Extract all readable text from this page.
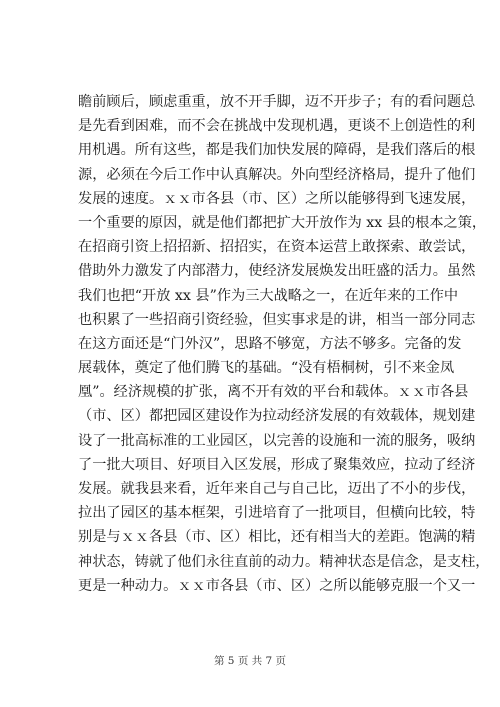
瞻前顾后，顾虑重重，放不开手脚，迈不开步子；有的看问题总
是先看到困难，而不会在挑战中发现机遇，更谈不上创造性的利
用机遇。所有这些，都是我们加快发展的障碍，是我们落后的根
源，必须在今后工作中认真解决。外向型经济格局，提升了他们
发展的速度。ｘｘ市各县（市、区）之所以能够得到飞速发展，
一个重要的原因，就是他们都把扩大开放作为 xx 县的根本之策，
在招商引资上招招新、招招实，在资本运营上敢探索、敢尝试，
借助外力激发了内部潜力，使经济发展焕发出旺盛的活力。虽然
我们也把“开放 xx 县”作为三大战略之一，在近年来的工作中
也积累了一些招商引资经验，但实事求是的讲，相当一部分同志
在这方面还是“门外汉”，思路不够宽，方法不够多。完备的发
展载体，奠定了他们腾飞的基础。“没有梧桐树，引不来金凤
凰”。经济规模的扩张，离不开有效的平台和载体。ｘｘ市各县
（市、区）都把园区建设作为拉动经济发展的有效载体，规划建
设了一批高标准的工业园区，以完善的设施和一流的服务，吸纳
了一批大项目、好项目入区发展，形成了聚集效应，拉动了经济
发展。就我县来看，近年来自己与自己比，迈出了不小的步伐，
拉出了园区的基本框架，引进培育了一批项目，但横向比较，特
别是与ｘｘ各县（市、区）相比，还有相当大的差距。饱满的精
神状态，铸就了他们永往直前的动力。精神状态是信念，是支柱，
更是一种动力。ｘｘ市各县（市、区）之所以能够克服一个又一
第 5 页 共 7 页
